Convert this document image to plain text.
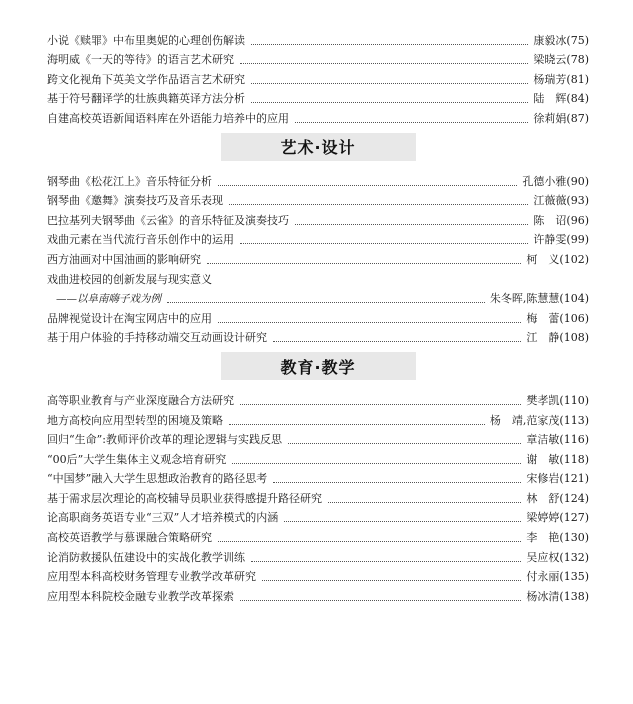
小说《赎罪》中布里奥妮的心理创伤解读	康毅冰(75)
海明威《一天的等待》的语言艺术研究	梁晓云(78)
跨文化视角下英美文学作品语言艺术研究	杨瑞芳(81)
基于符号翻译学的壮族典籍英译方法分析	陆　辉(84)
自建高校英语新闻语料库在外语能力培养中的应用	徐莉娟(87)
艺术·设计
钢琴曲《松花江上》音乐特征分析	孔德小雅(90)
钢琴曲《邀舞》演奏技巧及音乐表现	江薇薇(93)
巴拉基列夫钢琴曲《云雀》的音乐特征及演奏技巧	陈　诏(96)
戏曲元素在当代流行音乐创作中的运用	许静雯(99)
西方油画对中国油画的影响研究	柯　义(102)
戏曲进校园的创新发展与现实意义
——以阜南嗨子戏为例	朱冬晖,陈慧慧(104)
品牌视觉设计在淘宝网店中的应用	梅　蕾(106)
基于用户体验的手持移动端交互动画设计研究	江　静(108)
教育·教学
高等职业教育与产业深度融合方法研究	樊孝凯(110)
地方高校向应用型转型的困境及策略	杨　靖,范家茂(113)
回归“生命”:教师评价改革的理论逻辑与实践反思	章洁敏(116)
“00后”大学生集体主义观念培育研究	谢　敏(118)
“中国梦”融入大学生思想政治教育的路径思考	宋修岩(121)
基于需求层次理论的高校辅导员职业获得感提升路径研究	林　舒(124)
论高职商务英语专业“三双”人才培养模式的内涵	梁婷婷(127)
高校英语教学与慕课融合策略研究	李　艳(130)
论消防救援队伍建设中的实战化教学训练	吴应权(132)
应用型本科高校财务管理专业教学改革研究	付永丽(135)
应用型本科院校金融专业教学改革探索	杨冰清(138)
